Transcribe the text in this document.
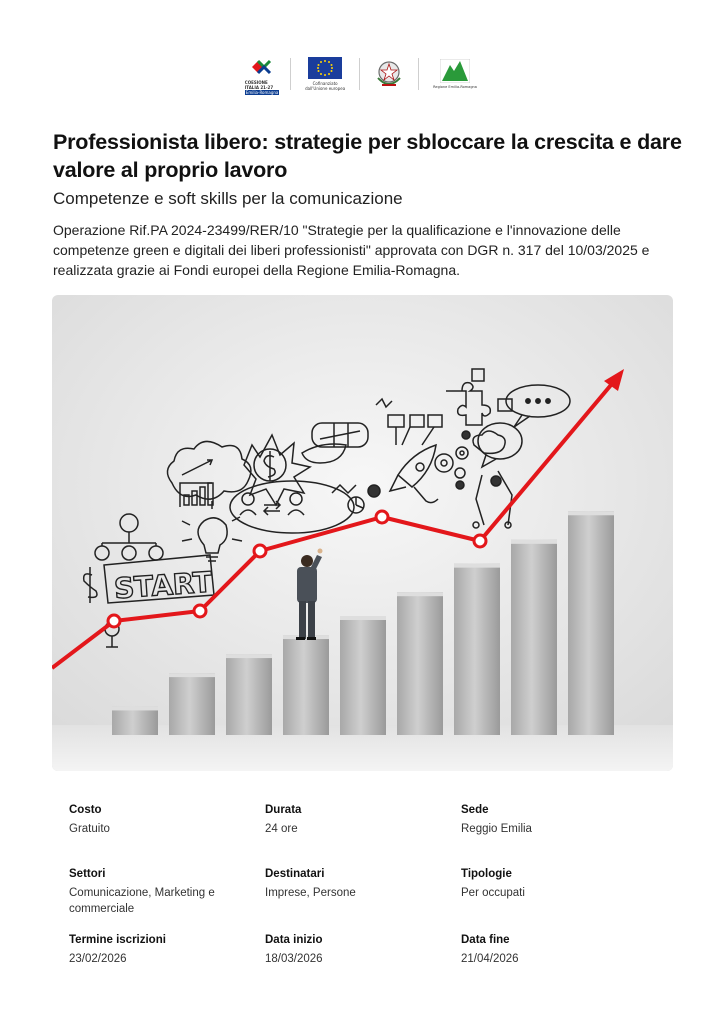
COESIONE
ITALIA 21-27
Emilia-Romagna
Cofinanziato
dall'Unione europea	Regione Emilia-Romagna
Professionista libero: strategie per sbloccare la crescita e dare valore al proprio lavoro

Competenze e soft skills per la comunicazione

Operazione Rif.PA 2024-23499/RER/10 "Strategie per la qualificazione e l'innovazione delle competenze green e digitali dei liberi professionisti" approvata con DGR n. 317 del 10/03/2025 e realizzata grazie ai Fondi europei della Regione Emilia-Romagna.

START
Costo
Gratuito
Durata
24 ore
Sede
Reggio Emilia
Settori
Comunicazione, Marketing e commerciale
Destinatari
Imprese, Persone
Tipologie
Per occupati
Termine iscrizioni
23/02/2026
Data inizio
18/03/2026
Data fine
21/04/2026
